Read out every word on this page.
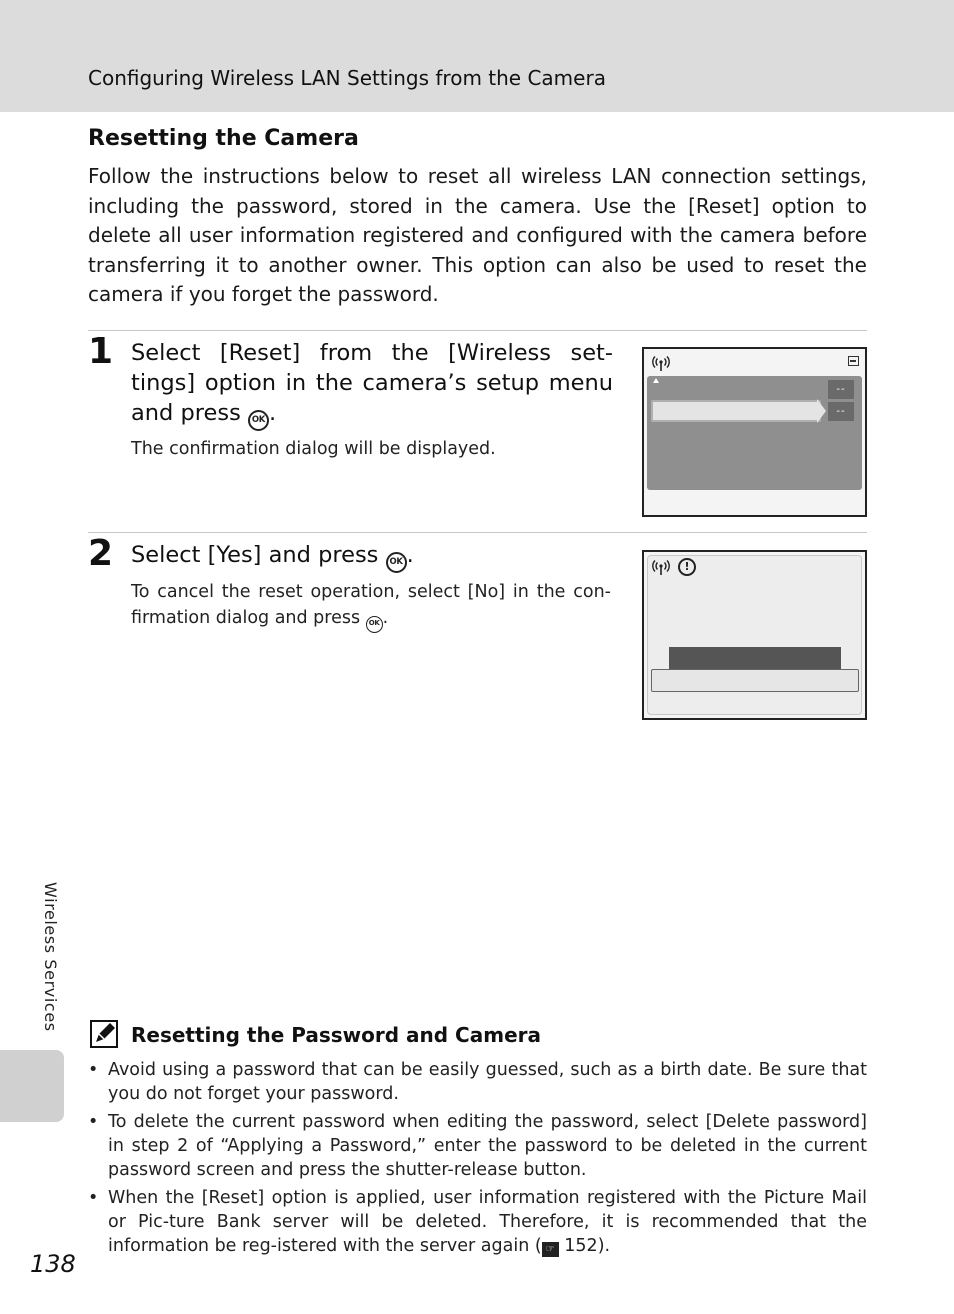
Configuring Wireless LAN Settings from the Camera
Resetting the Camera

Follow the instructions below to reset all wireless LAN connection settings, including the password, stored in the camera. Use the [Reset] option to delete all user information registered and configured with the camera before transferring it to another owner. This option can also be used to reset the camera if you forget the password.

1 Select [Reset] from the [Wireless set-tings] option in the camera’s setup menu and press OK .

The confirmation dialog will be displayed.

--
--
2 Select [Yes] and press OK .

To cancel the reset operation, select [No] in the con-firmation dialog and press OK .

!
Resetting the Password and Camera
• Avoid using a password that can be easily guessed, such as a birth date. Be sure that you do not forget your password.
• To delete the current password when editing the password, select [Delete password] in step 2 of “Applying a Password,” enter the password to be deleted in the current password screen and press the shutter-release button.
• When the [Reset] option is applied, user information registered with the Picture Mail or Pic-ture Bank server will be deleted. Therefore, it is recommended that the information be reg-istered with the server again ( ☞ 152).
Wireless Services
138
